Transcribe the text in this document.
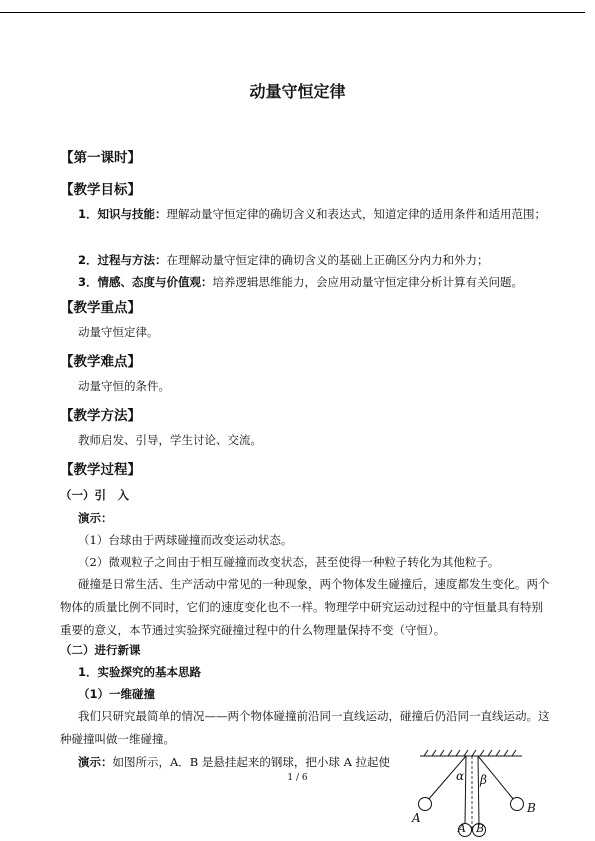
动量守恒定律
【第一课时】
【教学目标】
1．知识与技能：理解动量守恒定律的确切含义和表达式，知道定律的适用条件和适用范围；
2．过程与方法：在理解动量守恒定律的确切含义的基础上正确区分内力和外力；
3．情感、态度与价值观：培养逻辑思维能力，会应用动量守恒定律分析计算有关问题。
【教学重点】
动量守恒定律。
【教学难点】
动量守恒的条件。
【教学方法】
教师启发、引导，学生讨论、交流。
【教学过程】
（一）引　入
演示：
（1）台球由于两球碰撞而改变运动状态。
（2）微观粒子之间由于相互碰撞而改变状态，甚至使得一种粒子转化为其他粒子。
碰撞是日常生活、生产活动中常见的一种现象，两个物体发生碰撞后，速度都发生变化。两个物体的质量比例不同时，它们的速度变化也不一样。物理学中研究运动过程中的守恒量具有特别重要的意义，本节通过实验探究碰撞过程中的什么物理量保持不变（守恒）。
（二）进行新课
1．实验探究的基本思路
（1）一维碰撞
我们只研究最简单的情况——两个物体碰撞前沿同一直线运动，碰撞后仍沿同一直线运动。这种碰撞叫做一维碰撞。
演示：如图所示，A．B 是悬挂起来的钢球，把小球 A 拉起使
1 / 6	α β
A
A B
B
